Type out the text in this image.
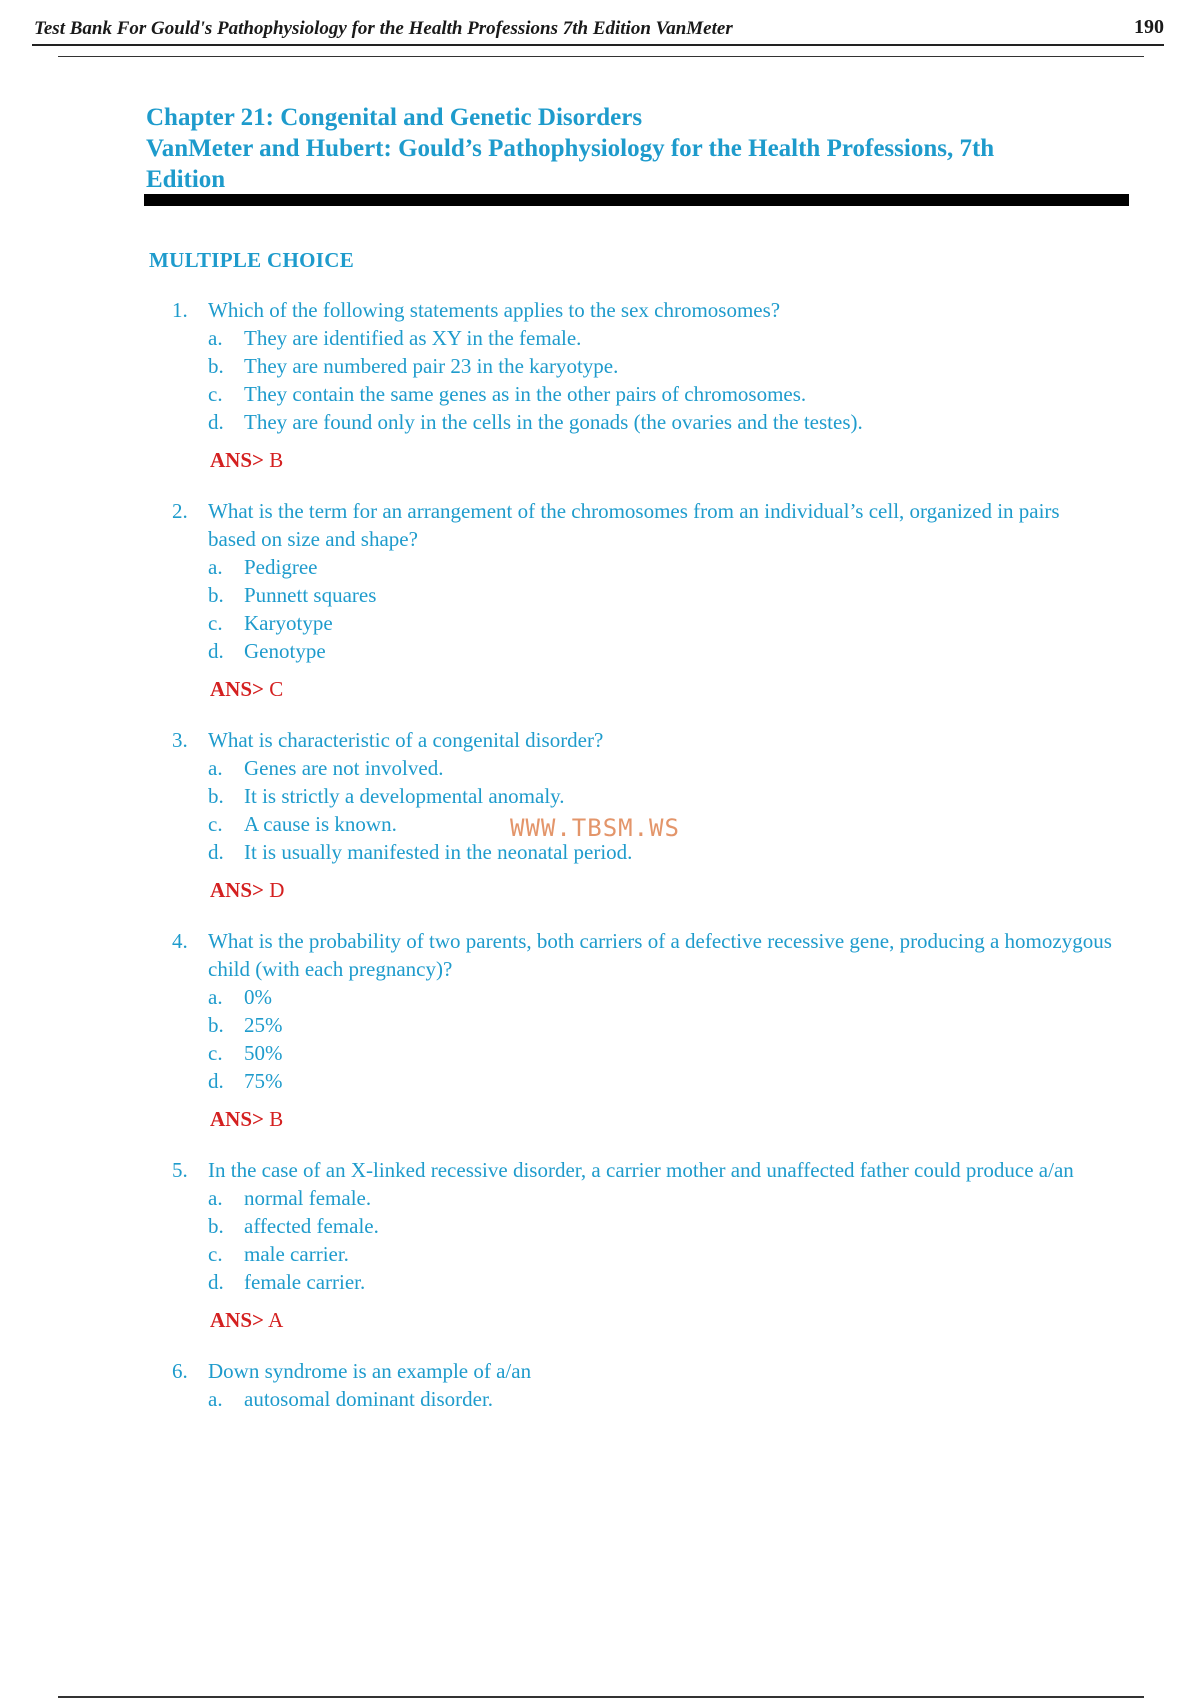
Test Bank For Gould's Pathophysiology for the Health Professions 7th Edition VanMeter	190
Chapter 21: Congenital and Genetic Disorders
VanMeter and Hubert: Gould’s Pathophysiology for the Health Professions, 7th
Edition
MULTIPLE CHOICE
1. Which of the following statements applies to the sex chromosomes?
a.	They are identified as XY in the female.
b. They are numbered pair 23 in the karyotype.
c.	They contain the same genes as in the other pairs of chromosomes.
d. They are found only in the cells in the gonads (the ovaries and the testes).
ANS> B
2. What is the term for an arrangement of the chromosomes from an individual’s cell, organized in pairs based on size and shape?
a.	Pedigree
b. Punnett squares
c.	Karyotype
d. Genotype
ANS> C
3. What is characteristic of a congenital disorder?
a.	Genes are not involved.
b. It is strictly a developmental anomaly.
c.	A cause is known.
d. It is usually manifested in the neonatal period.
ANS> D
4. What is the probability of two parents, both carriers of a defective recessive gene, producing a homozygous child (with each pregnancy)?
a.	0%
b. 25%
c.	50%
d. 75%
ANS> B
5. In the case of an X-linked recessive disorder, a carrier mother and unaffected father could produce a/an
a.	normal female.
b. affected female.
c.	male carrier.
d. female carrier.
ANS> A
6. Down syndrome is an example of a/an
a.	autosomal dominant disorder.
WWW.TBSM.WS
